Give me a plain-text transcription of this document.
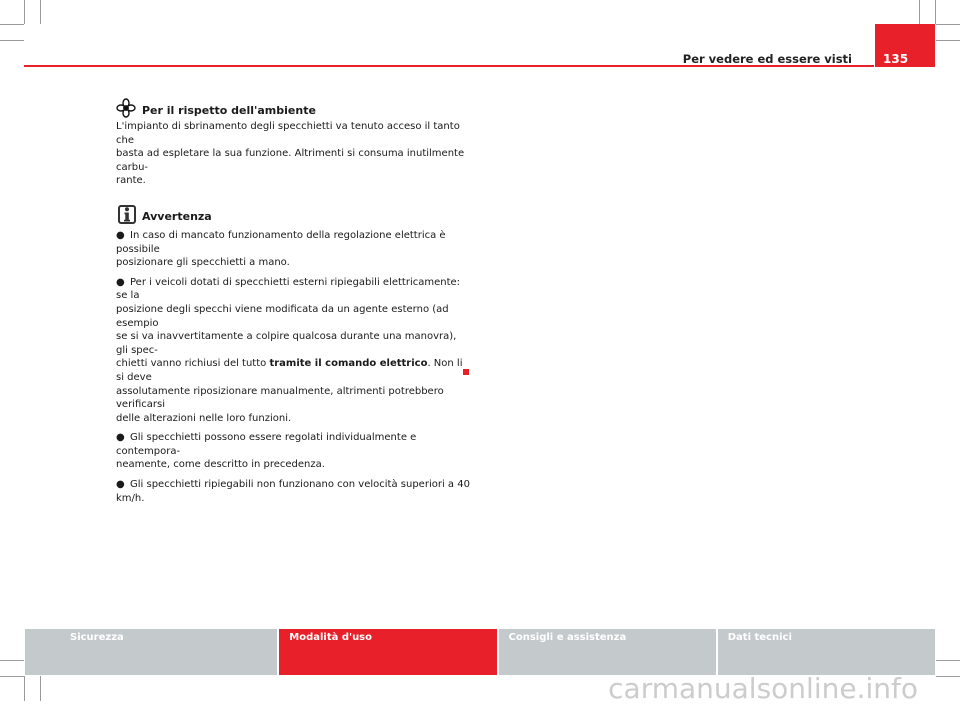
Per vedere ed essere visti	135
Per il rispetto dell'ambiente

L'impianto di sbrinamento degli specchietti va tenuto acceso il tanto che

basta ad espletare la sua funzione. Altrimenti si consuma inutilmente carbu-

rante.

Avvertenza

● In caso di mancato funzionamento della regolazione elettrica è possibile

posizionare gli specchietti a mano.

● Per i veicoli dotati di specchietti esterni ripiegabili elettricamente: se la

posizione degli specchi viene modificata da un agente esterno (ad esempio

se si va inavvertitamente a colpire qualcosa durante una manovra), gli spec-

chietti vanno richiusi del tutto tramite il comando elettrico. Non li si deve

assolutamente riposizionare manualmente, altrimenti potrebbero verificarsi

delle alterazioni nelle loro funzioni.

● Gli specchietti possono essere regolati individualmente e contempora-

neamente, come descritto in precedenza.

● Gli specchietti ripiegabili non funzionano con velocità superiori a 40

km/h.

Sicurezza	Modalità d'uso	Consigli e assistenza	Dati tecnici
carmanualsonline.info
